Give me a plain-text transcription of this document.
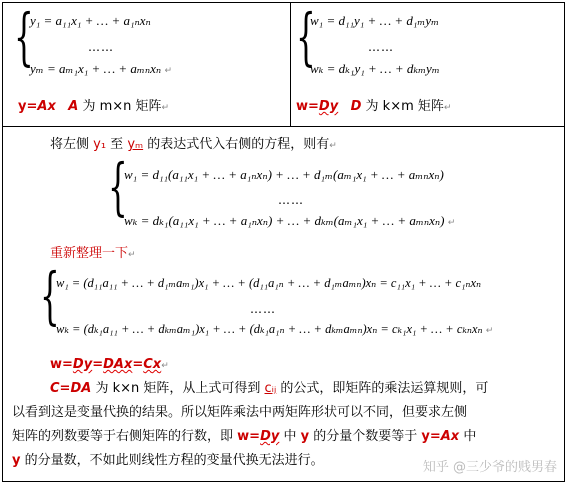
{
y₁ = a₁₁x₁ + … + a₁ₙxₙ
……
yₘ = aₘ₁x₁ + … + aₘₙxₙ ↵
y=Ax A 为 m×n 矩阵↵
{
w₁ = d₁₁y₁ + … + d₁ₘyₘ
……
wₖ = dₖ₁y₁ + … + dₖₘyₘ
w=Dy D 为 k×m 矩阵↵
将左侧 y₁ 至 yₘ 的表达式代入右侧的方程，则有↵
{
w₁ = d₁₁(a₁₁x₁ + … + a₁ₙxₙ) + … + d₁ₘ(aₘ₁x₁ + … + aₘₙxₙ)
……
wₖ = dₖ₁(a₁₁x₁ + … + a₁ₙxₙ) + … + dₖₘ(aₘ₁x₁ + … + aₘₙxₙ) ↵
重新整理一下↵
{
w₁ = (d₁₁a₁₁ + … + d₁ₘaₘ₁)x₁ + … + (d₁₁a₁ₙ + … + d₁ₘaₘₙ)xₙ = c₁₁x₁ + … + c₁ₙxₙ
……
wₖ = (dₖ₁a₁₁ + … + dₖₘaₘ₁)x₁ + … + (dₖ₁a₁ₙ + … + dₖₘaₘₙ)xₙ = cₖ₁x₁ + … + cₖₙxₙ ↵
w=Dy=DAx=Cx↵
C=DA 为 k×n 矩阵，从上式可得到 cᵢⱼ 的公式，即矩阵的乘法运算规则，可
以看到这是变量代换的结果。所以矩阵乘法中两矩阵形状可以不同，但要求左侧
矩阵的列数要等于右侧矩阵的行数，即 w=Dy 中 y 的分量个数要等于 y=Ax 中
y 的分量数，不如此则线性方程的变量代换无法进行。	知乎 @三少爷的贱男春
